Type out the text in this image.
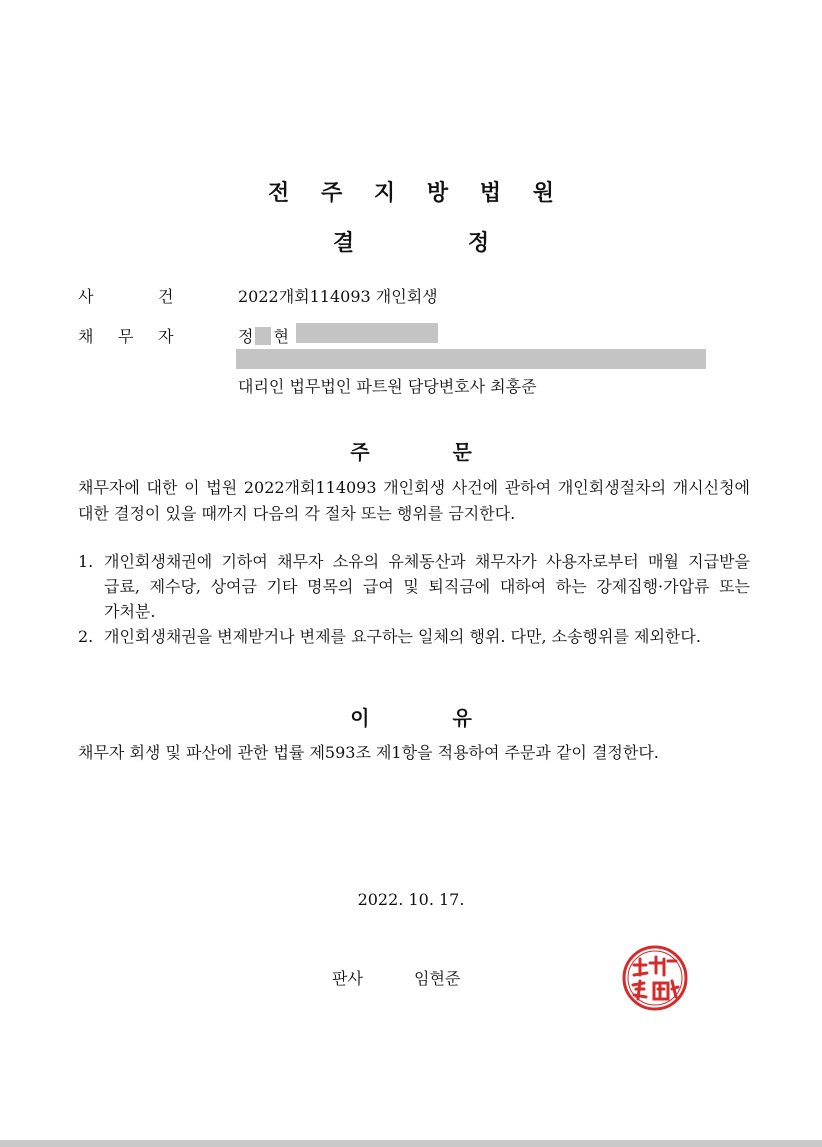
전 주 지 방 법 원
결	정
사	건	2022개회114093 개인회생
채 무 자	정 현
대리인 법무법인 파트원 담당변호사 최홍준
주	문
채무자에 대한 이 법원 2022개회114093 개인회생 사건에 관하여 개인회생절차의 개시신청에 대한 결정이 있을 때까지 다음의 각 절차 또는 행위를 금지한다.
1. 개인회생채권에 기하여 채무자 소유의 유체동산과 채무자가 사용자로부터 매월 지급받을 급료, 제수당, 상여금 기타 명목의 급여 및 퇴직금에 대하여 하는 강제집행·가압류 또는 가처분.
2. 개인회생채권을 변제받거나 변제를 요구하는 일체의 행위. 다만, 소송행위를 제외한다.
이	유
채무자 회생 및 파산에 관한 법률 제593조 제1항을 적용하여 주문과 같이 결정한다.
2022. 10. 17.
판사	임현준
